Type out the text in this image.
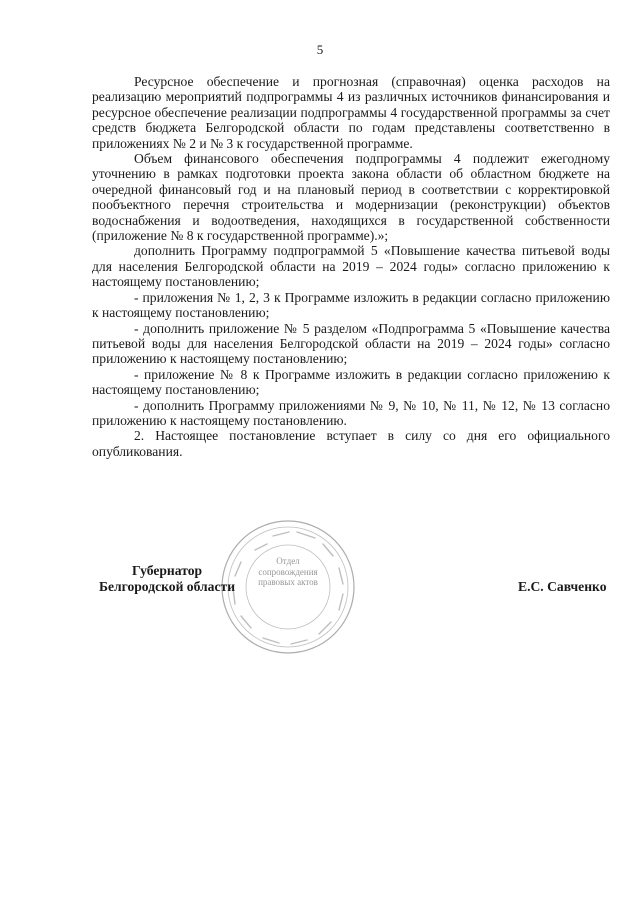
5

Ресурсное обеспечение и прогнозная (справочная) оценка расходов на реализацию мероприятий подпрограммы 4 из различных источников финансирования и ресурсное обеспечение реализации подпрограммы 4 государственной программы за счет средств бюджета Белгородской области по годам представлены соответственно в приложениях № 2 и № 3 к государственной программе.

Объем финансового обеспечения подпрограммы 4 подлежит ежегодному уточнению в рамках подготовки проекта закона области об областном бюджете на очередной финансовый год и на плановый период в соответствии с корректировкой пообъектного перечня строительства и модернизации (реконструкции) объектов водоснабжения и водоотведения, находящихся в государственной собственности (приложение № 8 к государственной программе).»;

дополнить Программу подпрограммой 5 «Повышение качества питьевой воды для населения Белгородской области на 2019 – 2024 годы» согласно приложению к настоящему постановлению;

- приложения № 1, 2, 3 к Программе изложить в редакции согласно приложению к настоящему постановлению;

- дополнить приложение № 5 разделом «Подпрограмма 5 «Повышение качества питьевой воды для населения Белгородской области на 2019 – 2024 годы» согласно приложению к настоящему постановлению;

- приложение № 8 к Программе изложить в редакции согласно приложению к настоящему постановлению;

- дополнить Программу приложениями № 9, № 10, № 11, № 12, № 13 согласно приложению к настоящему постановлению.

2. Настоящее постановление вступает в силу со дня его официального опубликования.

Отдел сопровождения правовых актов
Губернатор
Белгородской области	Е.С. Савченко
